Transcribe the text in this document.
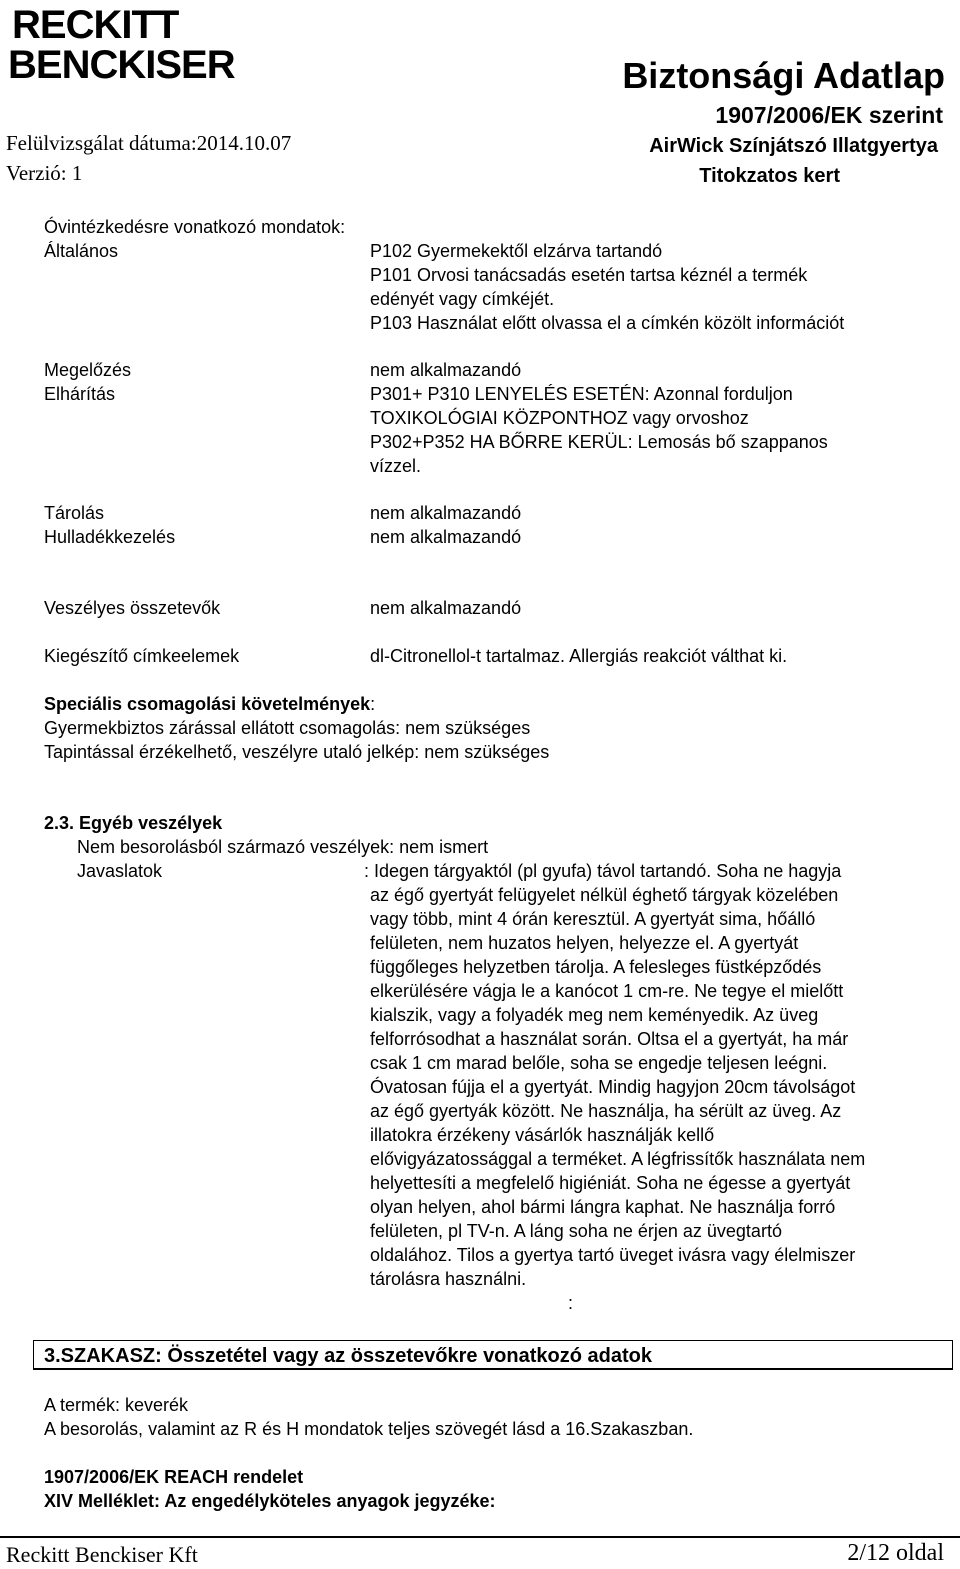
RECKITT
BENCKISER
Felülvizsgálat dátuma:2014.10.07
Verzió: 1
Biztonsági Adatlap
1907/2006/EK szerint
AirWick Színjátszó Illatgyertya
Titokzatos kert
Óvintézkedésre vonatkozó mondatok:
Általános	P102 Gyermekektől elzárva tartandó
P101 Orvosi tanácsadás esetén tartsa kéznél a termék
edényét vagy címkéjét.
P103 Használat előtt olvassa el a címkén közölt információt
Megelőzés	nem alkalmazandó
Elhárítás	P301+ P310 LENYELÉS ESETÉN: Azonnal forduljon
TOXIKOLÓGIAI KÖZPONTHOZ vagy orvoshoz
P302+P352 HA BŐRRE KERÜL: Lemosás bő szappanos
vízzel.
Tárolás	nem alkalmazandó
Hulladékkezelés	nem alkalmazandó
Veszélyes összetevők	nem alkalmazandó
Kiegészítő címkeelemek	dl-Citronellol-t tartalmaz. Allergiás reakciót válthat ki.
Speciális csomagolási követelmények:
Gyermekbiztos zárással ellátott csomagolás: nem szükséges
Tapintással érzékelhető, veszélyre utaló jelkép: nem szükséges
2.3. Egyéb veszélyek
Nem besorolásból származó veszélyek: nem ismert
Javaslatok	: Idegen tárgyaktól (pl gyufa) távol tartandó. Soha ne hagyja
az égő gyertyát felügyelet nélkül éghető tárgyak közelében
vagy több, mint 4 órán keresztül. A gyertyát sima, hőálló
felületen, nem huzatos helyen, helyezze el. A gyertyát
függőleges helyzetben tárolja. A felesleges füstképződés
elkerülésére vágja le a kanócot 1 cm-re. Ne tegye el mielőtt
kialszik, vagy a folyadék meg nem keményedik. Az üveg
felforrósodhat a használat során. Oltsa el a gyertyát, ha már
csak 1 cm marad belőle, soha se engedje teljesen leégni.
Óvatosan fújja el a gyertyát. Mindig hagyjon 20cm távolságot
az égő gyertyák között. Ne használja, ha sérült az üveg. Az
illatokra érzékeny vásárlók használják kellő
elővigyázatossággal a terméket. A légfrissítők használata nem
helyettesíti a megfelelő higiéniát. Soha ne égesse a gyertyát
olyan helyen, ahol bármi lángra kaphat. Ne használja forró
felületen, pl TV-n. A láng soha ne érjen az üvegtartó
oldalához. Tilos a gyertya tartó üveget ivásra vagy élelmiszer
tárolásra használni.
:
3.SZAKASZ: Összetétel vagy az összetevőkre vonatkozó adatok
A termék: keverék
A besorolás, valamint az R és H mondatok teljes szövegét lásd a 16.Szakaszban.
1907/2006/EK REACH rendelet
XIV Melléklet: Az engedélyköteles anyagok jegyzéke:
Reckitt Benckiser Kft	2/12 oldal
